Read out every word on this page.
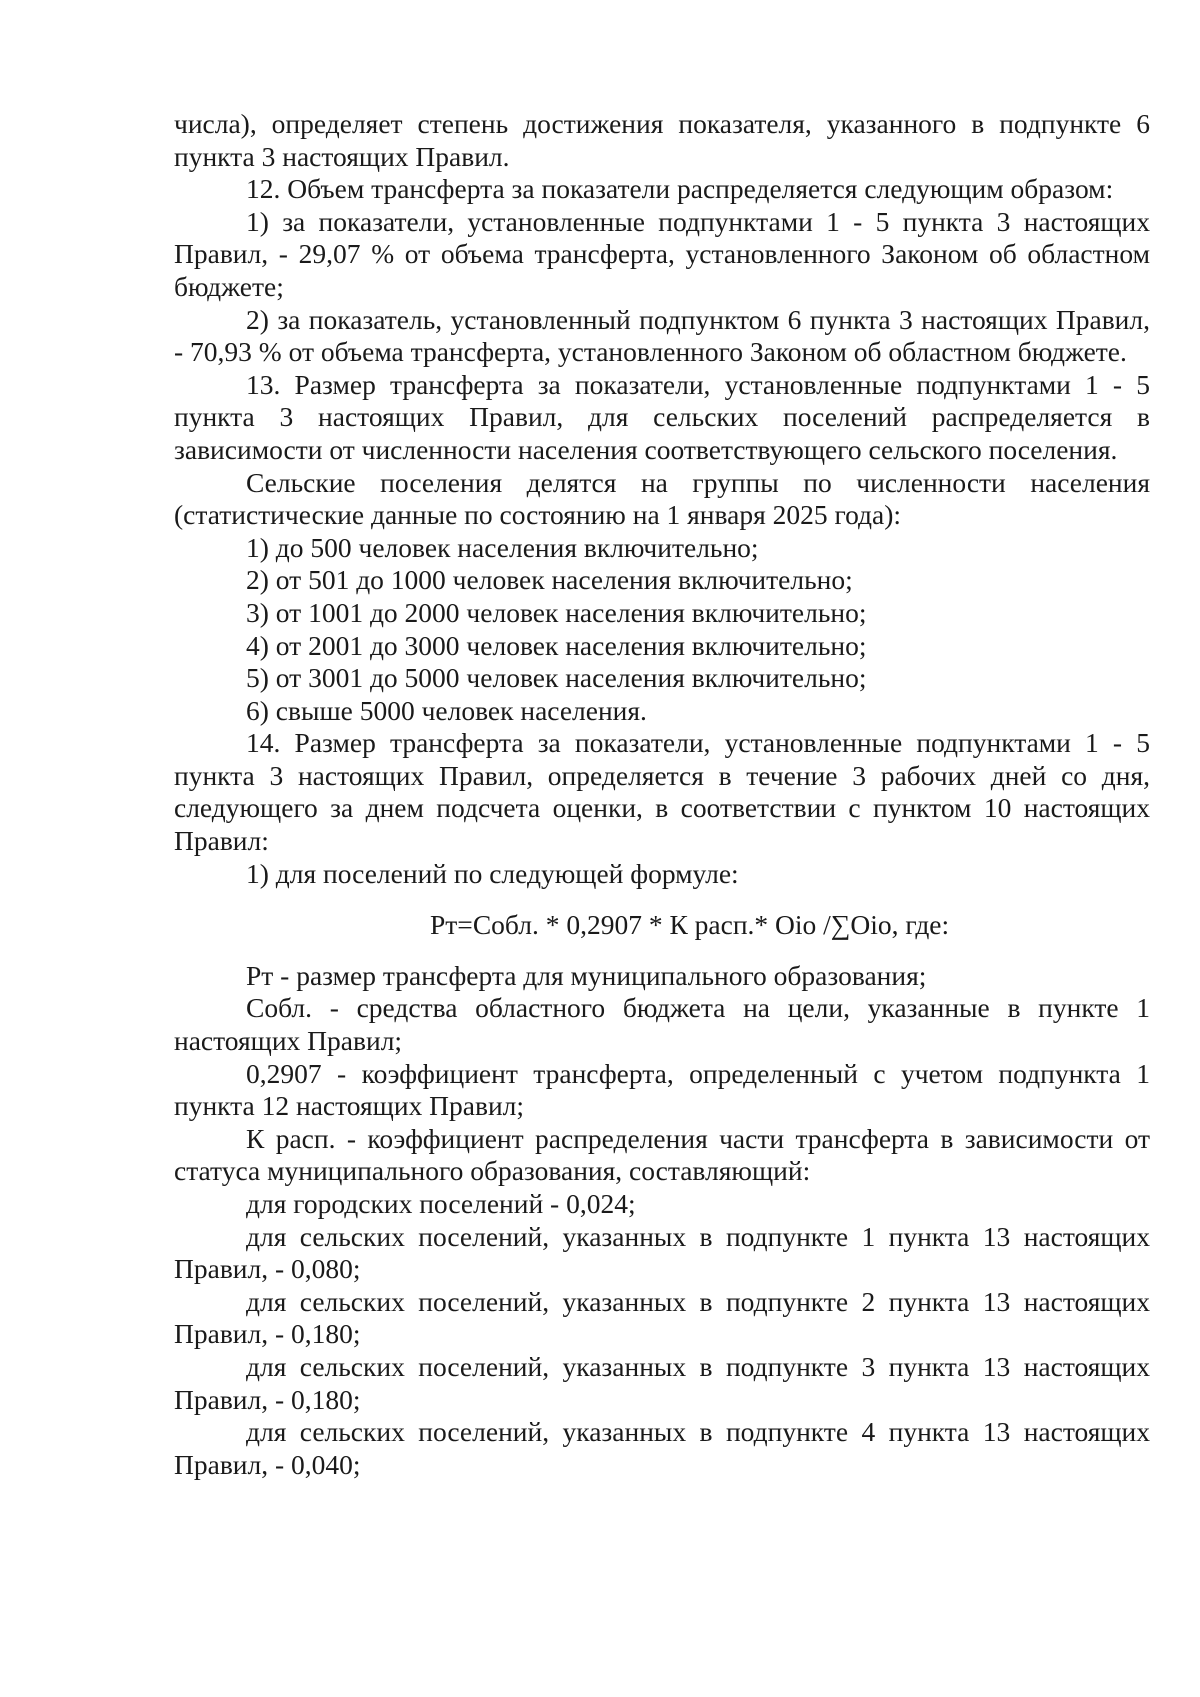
числа), определяет степень достижения показателя, указанного в подпункте 6 пункта 3 настоящих Правил.

12. Объем трансферта за показатели распределяется следующим образом:

1) за показатели, установленные подпунктами 1 - 5 пункта 3 настоящих Правил, - 29,07 % от объема трансферта, установленного Законом об областном бюджете;

2) за показатель, установленный подпунктом 6 пункта 3 настоящих Правил, - 70,93 % от объема трансферта, установленного Законом об областном бюджете.

13. Размер трансферта за показатели, установленные подпунктами 1 - 5 пункта 3 настоящих Правил, для сельских поселений распределяется в зависимости от численности населения соответствующего сельского поселения.

Сельские поселения делятся на группы по численности населения (статистические данные по состоянию на 1 января 2025 года):

1) до 500 человек населения включительно;

2) от 501 до 1000 человек населения включительно;

3) от 1001 до 2000 человек населения включительно;

4) от 2001 до 3000 человек населения включительно;

5) от 3001 до 5000 человек населения включительно;

6) свыше 5000 человек населения.

14. Размер трансферта за показатели, установленные подпунктами 1 - 5 пункта 3 настоящих Правил, определяется в течение 3 рабочих дней со дня, следующего за днем подсчета оценки, в соответствии с пунктом 10 настоящих Правил:

1) для поселений по следующей формуле:

Рт=Собл. * 0,2907 * К расп.* Оiо /∑Оiо, где:

Рт - размер трансферта для муниципального образования;

Собл. - средства областного бюджета на цели, указанные в пункте 1 настоящих Правил;

0,2907 - коэффициент трансферта, определенный с учетом подпункта 1 пункта 12 настоящих Правил;

К расп. - коэффициент распределения части трансферта в зависимости от статуса муниципального образования, составляющий:

для городских поселений - 0,024;

для сельских поселений, указанных в подпункте 1 пункта 13 настоящих Правил, - 0,080;

для сельских поселений, указанных в подпункте 2 пункта 13 настоящих Правил, - 0,180;

для сельских поселений, указанных в подпункте 3 пункта 13 настоящих Правил, - 0,180;

для сельских поселений, указанных в подпункте 4 пункта 13 настоящих Правил, - 0,040;
